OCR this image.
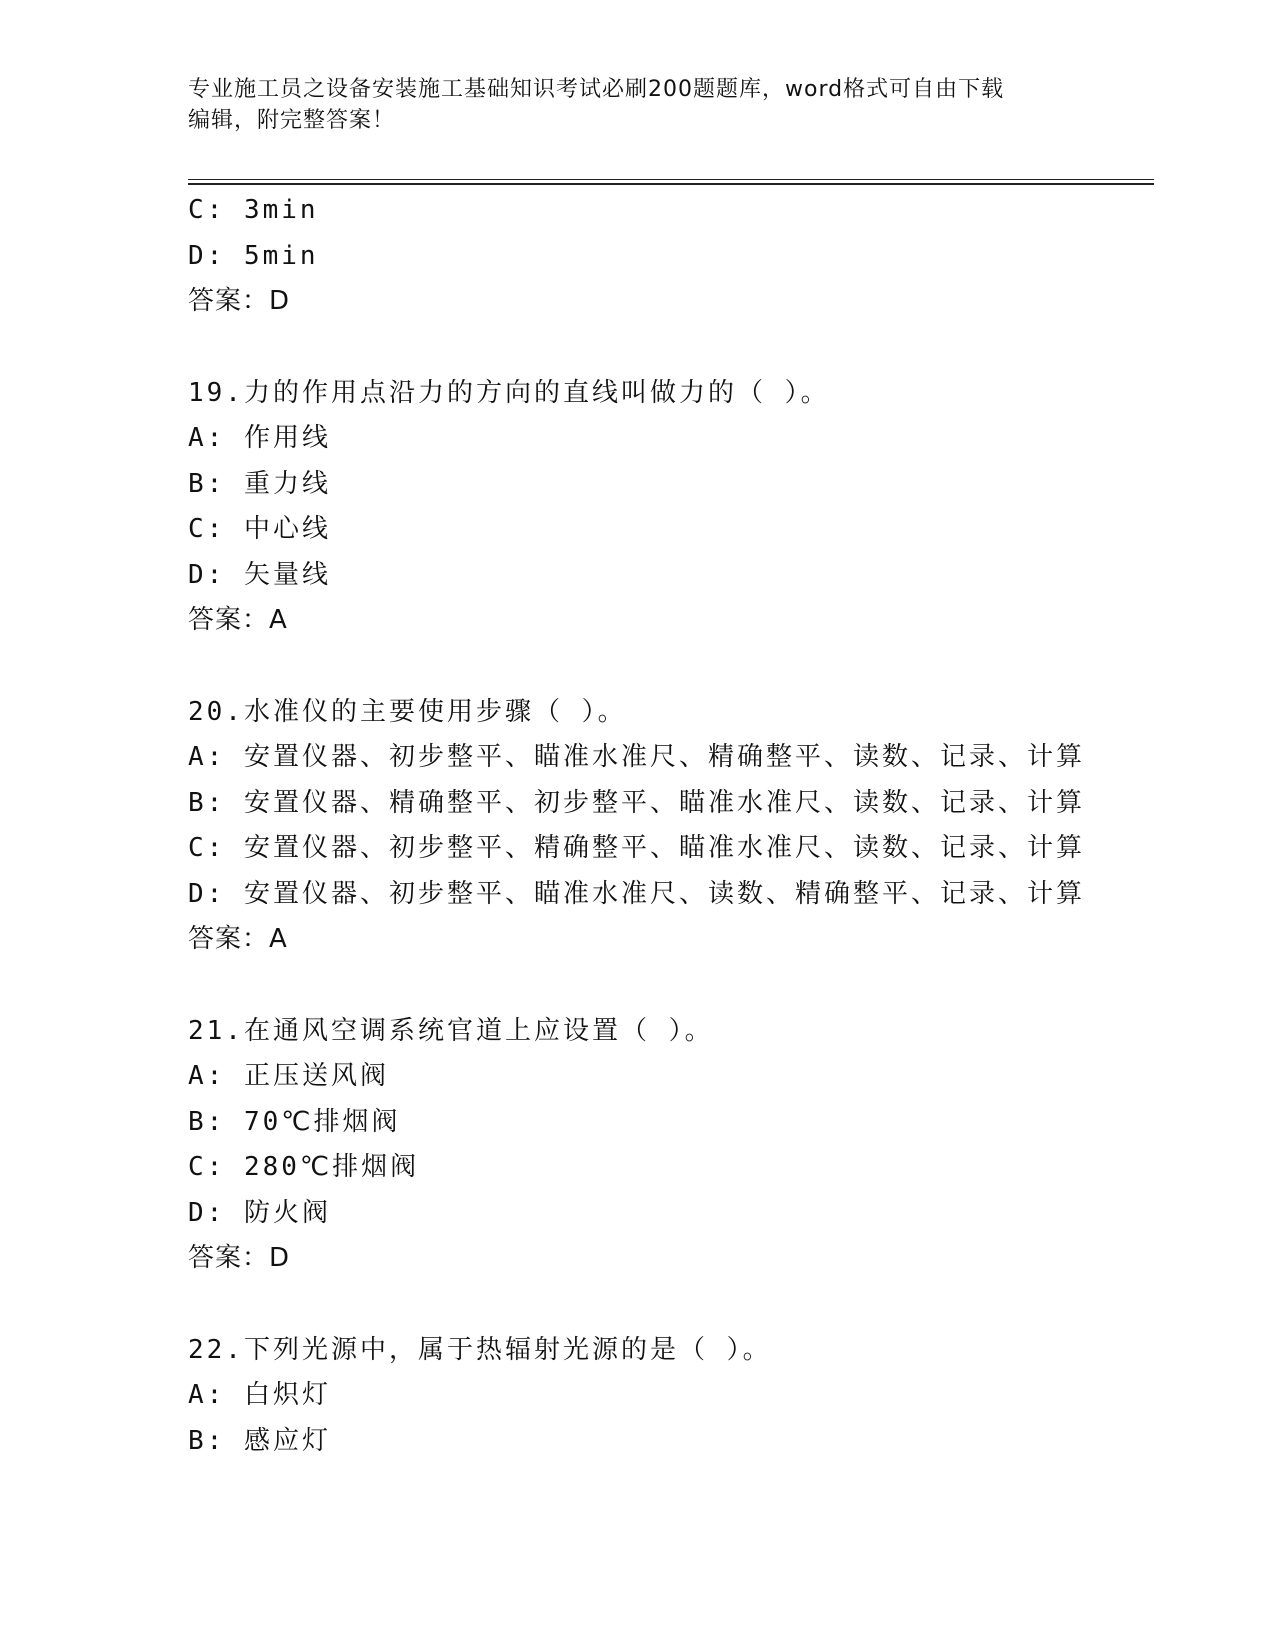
专业施工员之设备安装施工基础知识考试必刷200题题库，word格式可自由下载
编辑，附完整答案！
C: 3min
D: 5min
答案：D
19.力的作用点沿力的方向的直线叫做力的（ ）。
A: 作用线
B: 重力线
C: 中心线
D: 矢量线
答案：A
20.水准仪的主要使用步骤（ ）。
A: 安置仪器、初步整平、瞄准水准尺、精确整平、读数、记录、计算
B: 安置仪器、精确整平、初步整平、瞄准水准尺、读数、记录、计算
C: 安置仪器、初步整平、精确整平、瞄准水准尺、读数、记录、计算
D: 安置仪器、初步整平、瞄准水准尺、读数、精确整平、记录、计算
答案：A
21.在通风空调系统官道上应设置（ ）。
A: 正压送风阀
B: 70℃排烟阀
C: 280℃排烟阀
D: 防火阀
答案：D
22.下列光源中，属于热辐射光源的是（ ）。
A: 白炽灯
B: 感应灯
